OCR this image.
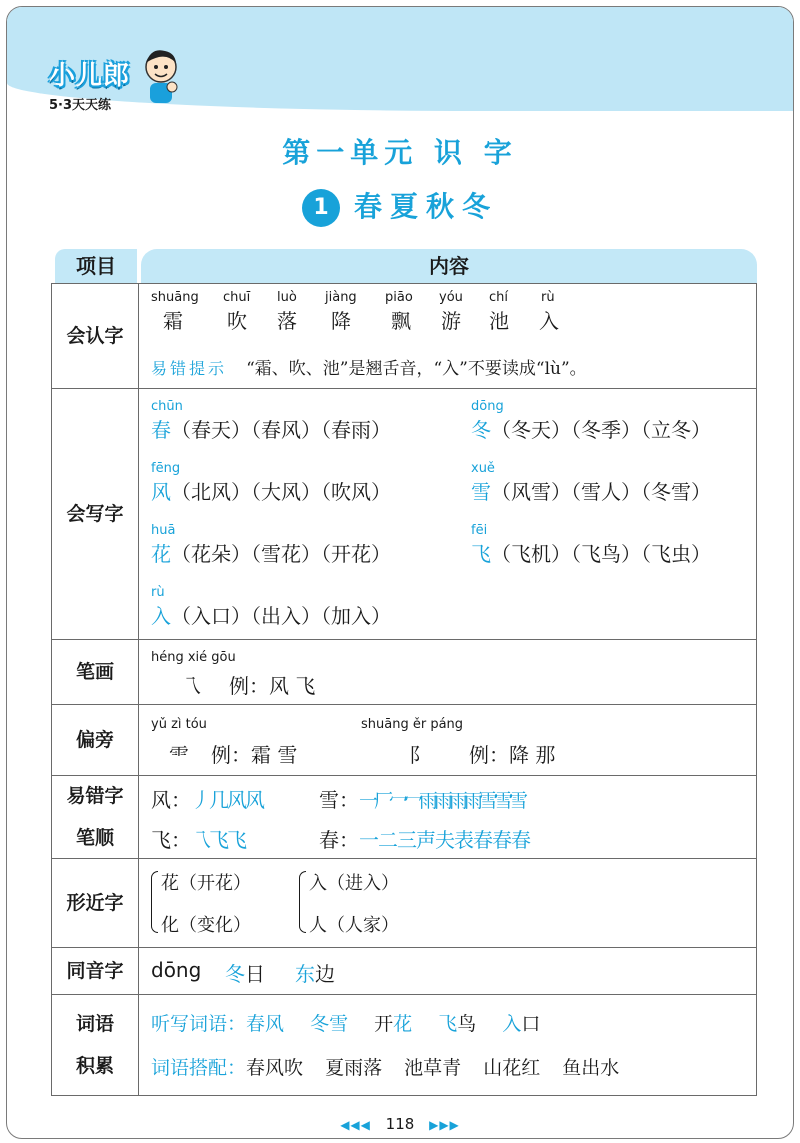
小儿郎
5·3天天练
第一单元 识 字
1 春夏秋冬
项目	内容
会认字
shuāng
霜
chuī
吹
luò
落
jiàng
降
piāo
飘
yóu
游
chí
池
rù
入
易错提示 “霜、吹、池”是翘舌音，“入”不要读成“lù”。
会写字
chūn
春（春天）（春风）（春雨）
dōng
冬（冬天）（冬季）（立冬）
fēng
风（北风）（大风）（吹风）
xuě
雪（风雪）（雪人）（冬雪）
huā
花（花朵）（雪花）（开花）
fēi
飞（飞机）（飞鸟）（飞虫）
rù
入（入口）（出入）（加入）
笔画
héng xié gōu
乁 例：风 飞
偏旁
yǔ zì tóu
⻗ 例：霜 雪
shuāng ěr páng
阝 例：降 那
易错字
笔顺
风：丿几风风	雪：一厂冖冖雨雨雨雨雪雪雪
飞：乁飞飞	春：一二三声夫表春春春
形近字
花（开花）
化（变化）
入（进入）
人（人家）
同音字	dōng 冬日 东边
词语
积累
听写词语：春风 冬雪 开花 飞鸟 入口
词语搭配：春风吹 夏雨落 池草青 山花红 鱼出水
◀◀◀ 118 ▶▶▶
